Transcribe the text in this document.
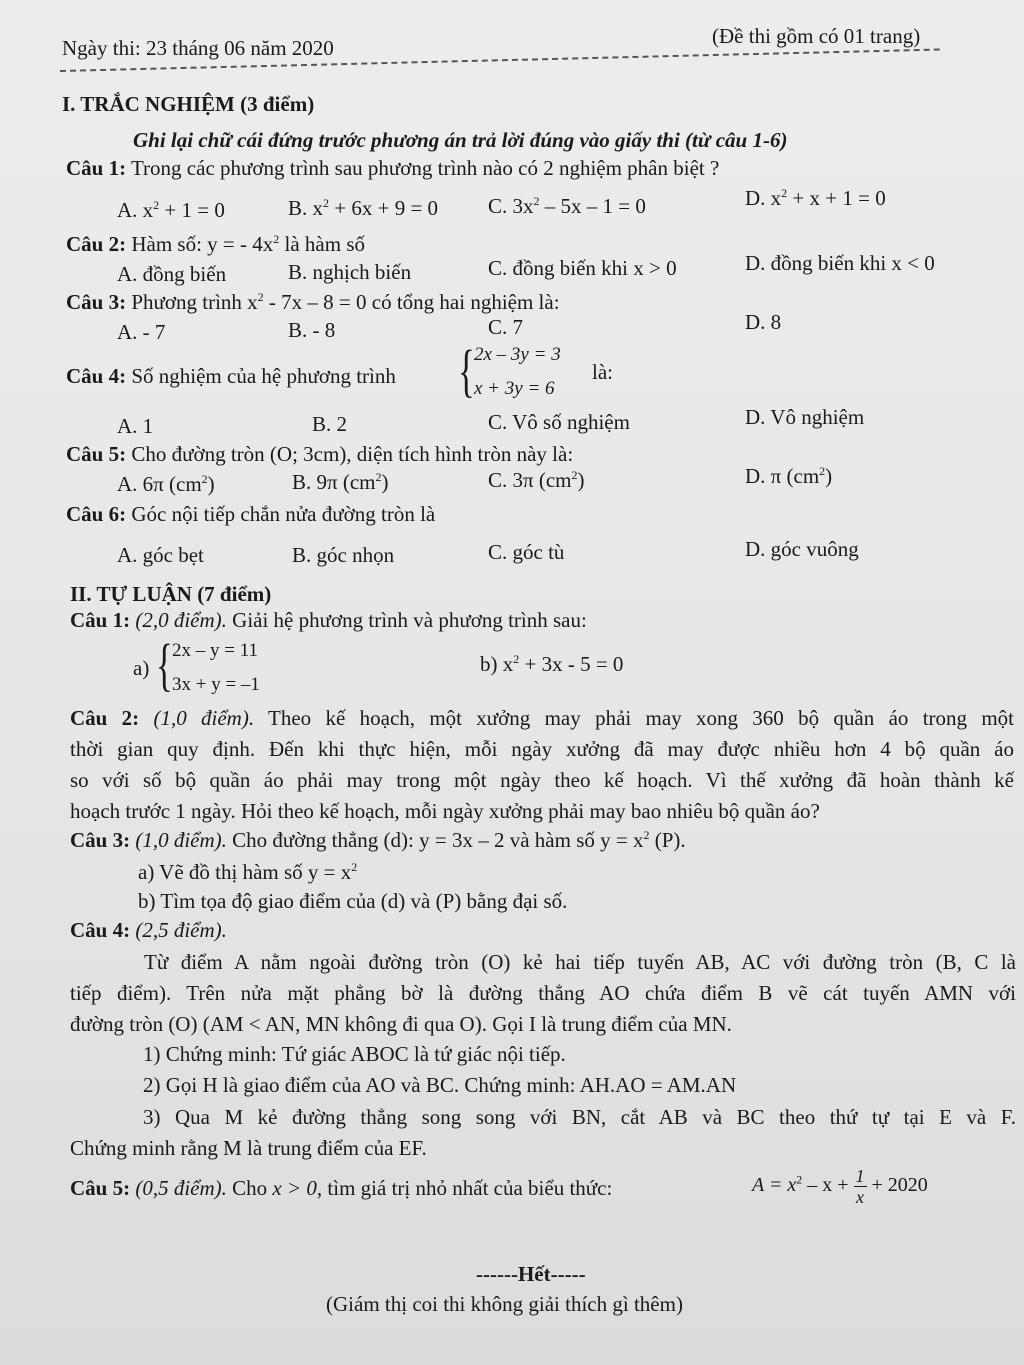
Ngày thi: 23 tháng 06 năm 2020	(Đề thi gồm có 01 trang)
I. TRẮC NGHIỆM (3 điểm)
Ghi lại chữ cái đứng trước phương án trả lời đúng vào giấy thi (từ câu 1-6)
Câu 1: Trong các phương trình sau phương trình nào có 2 nghiệm phân biệt ?
A. $x^2 + 1 = 0$	B. $x^2 + 6x + 9 = 0$ C. $3x^2 - 5x - 1 = 0$	D. $x^2 + x + 1 = 0$
Câu 2: Hàm số: y = - $4x^2$ là hàm số
A. đồng biến	B. nghịch biến	C. đồng biến khi x > 0	D. đồng biến khi x < 0
Câu 3: Phương trình $x^2 - 7x - 8 = 0$ có tổng hai nghiệm là:
A. - 7	B. - 8	C. 7	D. 8
Câu 4: Số nghiệm của hệ phương trình { 2x – 3y = 3
x + 3y = 6
là:
A. 1	B. 2	C. Vô số nghiệm	D. Vô nghiệm
Câu 5: Cho đường tròn (O; 3cm), diện tích hình tròn này là:
A. 6π $(cm^2)$	B. 9π $(cm^2)$	C. 3π $(cm^2)$	D. π $(cm^2)$
Câu 6: Góc nội tiếp chắn nửa đường tròn là
A. góc bẹt	B. góc nhọn	C. góc tù	D. góc vuông
II. TỰ LUẬN (7 điểm)
Câu 1: (2,0 điểm). Giải hệ phương trình và phương trình sau:
a) { 2x – y = 11
3x + y = –1
b) $x^2 + 3x - 5 = 0$
Câu 2: (1,0 điểm). Theo kế hoạch, một xưởng may phải may xong 360 bộ quần áo trong một
thời gian quy định. Đến khi thực hiện, mỗi ngày xưởng đã may được nhiều hơn 4 bộ quần áo
so với số bộ quần áo phải may trong một ngày theo kế hoạch. Vì thế xưởng đã hoàn thành kế
hoạch trước 1 ngày. Hỏi theo kế hoạch, mỗi ngày xưởng phải may bao nhiêu bộ quần áo?
Câu 3: (1,0 điểm). Cho đường thẳng (d): y = 3x – 2 và hàm số $y = x^2$ (P).
a) Vẽ đồ thị hàm số $y = x^2$
b) Tìm tọa độ giao điểm của (d) và (P) bằng đại số.
Câu 4: (2,5 điểm).
Từ điểm A nằm ngoài đường tròn (O) kẻ hai tiếp tuyến AB, AC với đường tròn (B, C là
tiếp điểm). Trên nửa mặt phẳng bờ là đường thẳng AO chứa điểm B vẽ cát tuyến AMN với
đường tròn (O) (AM < AN, MN không đi qua O). Gọi I là trung điểm của MN.
1) Chứng minh: Tứ giác ABOC là tứ giác nội tiếp.
2) Gọi H là giao điểm của AO và BC. Chứng minh: AH.AO = AM.AN
3) Qua M kẻ đường thẳng song song với BN, cắt AB và BC theo thứ tự tại E và F.
Chứng minh rằng M là trung điểm của EF.
Câu 5: (0,5 điểm). Cho x > 0, tìm giá trị nhỏ nhất của biểu thức:	$A = x^2 - x + \frac{1}{x} + 2020$
------Hết-----
(Giám thị coi thi không giải thích gì thêm)
